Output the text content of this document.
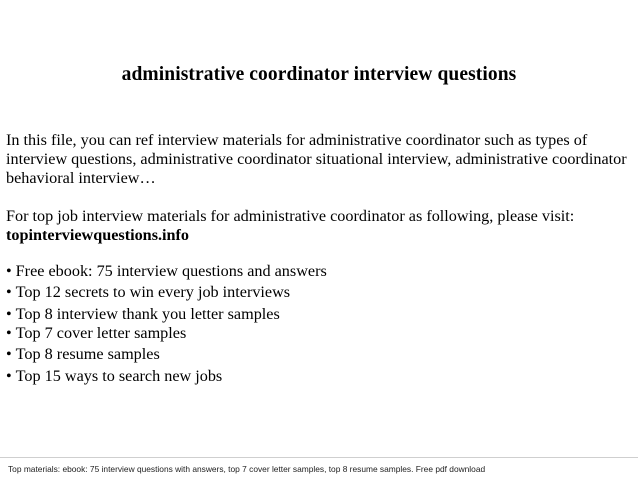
administrative coordinator interview questions

In this file, you can ref interview materials for administrative coordinator such as types of interview questions, administrative coordinator situational interview, administrative coordinator behavioral interview…

For top job interview materials for administrative coordinator as following, please visit:
topinterviewquestions.info

•Free ebook: 75 interview questions and answers
•Top 12 secrets to win every job interviews
•Top 8 interview thank you letter samples
•Top 7 cover letter samples
•Top 8 resume samples
•Top 15 ways to search new jobs
Top materials: ebook: 75 interview questions with answers, top 7 cover letter samples, top 8 resume samples. Free pdf download
